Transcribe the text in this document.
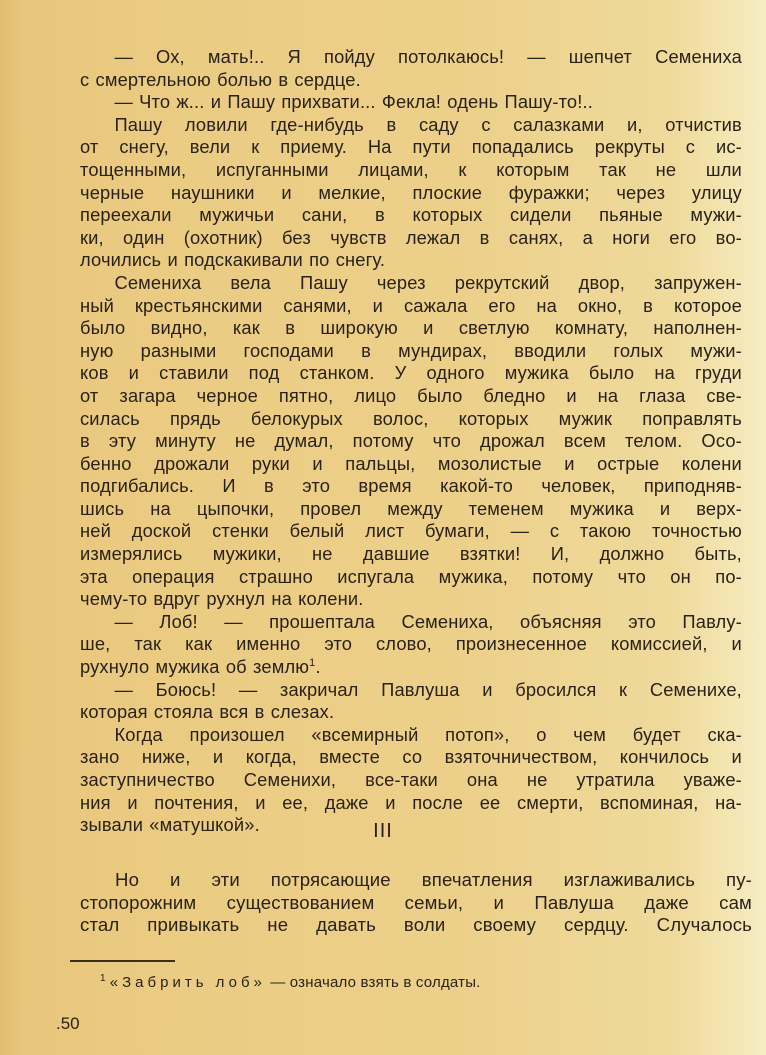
— Ох, мать!.. Я пойду потолкаюсь! — шепчет Семениха
с смертельною болью в сердце.

— Что ж... и Пашу прихвати... Фекла! одень Пашу-то!..

Пашу ловили где-нибудь в саду с салазками и, отчистив
от снегу, вели к приему. На пути попадались рекруты с ис-
тощенными, испуганными лицами, к которым так не шли
черные наушники и мелкие, плоские фуражки; через улицу
переехали мужичьи сани, в которых сидели пьяные мужи-
ки, один (охотник) без чувств лежал в санях, а ноги его во-
лочились и подскакивали по снегу.

Семениха вела Пашу через рекрутский двор, запружен-
ный крестьянскими санями, и сажала его на окно, в которое
было видно, как в широкую и светлую комнату, наполнен-
ную разными господами в мундирах, вводили голых мужи-
ков и ставили под станком. У одного мужика было на груди
от загара черное пятно, лицо было бледно и на глаза све-
силась прядь белокурых волос, которых мужик поправлять
в эту минуту не думал, потому что дрожал всем телом. Осо-
бенно дрожали руки и пальцы, мозолистые и острые колени
подгибались. И в это время какой-то человек, приподняв-
шись на цыпочки, провел между теменем мужика и верх-
ней доской стенки белый лист бумаги, — с такою точностью
измерялись мужики, не давшие взятки! И, должно быть,
эта операция страшно испугала мужика, потому что он по-
чему-то вдруг рухнул на колени.

— Лоб! — прошептала Семениха, объясняя это Павлу-
ше, так как именно это слово, произнесенное комиссией, и
рухнуло мужика об землю$^1$.

— Боюсь! — закричал Павлуша и бросился к Семенихе,
которая стояла вся в слезах.

Когда произошел «всемирный потоп», о чем будет ска-
зано ниже, и когда, вместе со взяточничеством, кончилось и
заступничество Семенихи, все-таки она не утратила уваже-
ния и почтения, и ее, даже и после ее смерти, вспоминая, на-
зывали «матушкой».	III

Но и эти потрясающие впечатления изглаживались пу-
стопорожним существованием семьи, и Павлуша даже сам
стал привыкать не давать воли своему сердцу. Случалось

$^1$ «Забрить лоб» — означало взять в солдаты.
.50
